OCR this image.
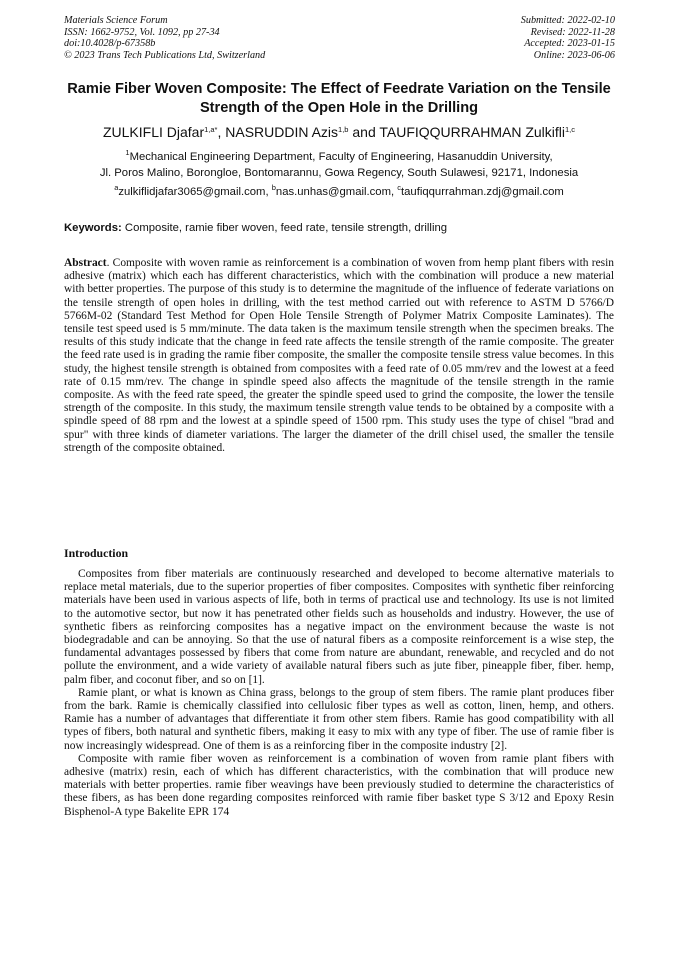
Materials Science Forum
ISSN: 1662-9752, Vol. 1092, pp 27-34
doi:10.4028/p-67358b
© 2023 Trans Tech Publications Ltd, Switzerland
Submitted: 2022-02-10
Revised: 2022-11-28
Accepted: 2023-01-15
Online: 2023-06-06
Ramie Fiber Woven Composite: The Effect of Feedrate Variation on the Tensile Strength of the Open Hole in the Drilling
ZULKIFLI Djafar$^{1,a*}$, NASRUDDIN Azis$^{1,b}$ and TAUFIQQURRAHMAN Zulkifli$^{1,c}$
$^1$Mechanical Engineering Department, Faculty of Engineering, Hasanuddin University,
Jl. Poros Malino, Borongloe, Bontomarannu, Gowa Regency, South Sulawesi, 92171, Indonesia
$^a$zulkiflidjafar3065@gmail.com, $^b$nas.unhas@gmail.com, $^c$taufiqqurrahman.zdj@gmail.com
Keywords: Composite, ramie fiber woven, feed rate, tensile strength, drilling

Abstract. Composite with woven ramie as reinforcement is a combination of woven from hemp plant fibers with resin adhesive (matrix) which each has different characteristics, which with the combination will produce a new material with better properties. The purpose of this study is to determine the magnitude of the influence of federate variations on the tensile strength of open holes in drilling, with the test method carried out with reference to ASTM D 5766/D 5766M-02 (Standard Test Method for Open Hole Tensile Strength of Polymer Matrix Composite Laminates). The tensile test speed used is 5 mm/minute. The data taken is the maximum tensile strength when the specimen breaks. The results of this study indicate that the change in feed rate affects the tensile strength of the ramie composite. The greater the feed rate used is in grading the ramie fiber composite, the smaller the composite tensile stress value becomes. In this study, the highest tensile strength is obtained from composites with a feed rate of 0.05 mm/rev and the lowest at a feed rate of 0.15 mm/rev. The change in spindle speed also affects the magnitude of the tensile strength in the ramie composite. As with the feed rate speed, the greater the spindle speed used to grind the composite, the lower the tensile strength of the composite. In this study, the maximum tensile strength value tends to be obtained by a composite with a spindle speed of 88 rpm and the lowest at a spindle speed of 1500 rpm. This study uses the type of chisel "brad and spur" with three kinds of diameter variations. The larger the diameter of the drill chisel used, the smaller the tensile strength of the composite obtained.

Introduction

Composites from fiber materials are continuously researched and developed to become alternative materials to replace metal materials, due to the superior properties of fiber composites. Composites with synthetic fiber reinforcing materials have been used in various aspects of life, both in terms of practical use and technology. Its use is not limited to the automotive sector, but now it has penetrated other fields such as households and industry. However, the use of synthetic fibers as reinforcing composites has a negative impact on the environment because the waste is not biodegradable and can be annoying. So that the use of natural fibers as a composite reinforcement is a wise step, the fundamental advantages possessed by fibers that come from nature are abundant, renewable, and recycled and do not pollute the environment, and a wide variety of available natural fibers such as jute fiber, pineapple fiber, fiber. hemp, palm fiber, and coconut fiber, and so on [1].

Ramie plant, or what is known as China grass, belongs to the group of stem fibers. The ramie plant produces fiber from the bark. Ramie is chemically classified into cellulosic fiber types as well as cotton, linen, hemp, and others. Ramie has a number of advantages that differentiate it from other stem fibers. Ramie has good compatibility with all types of fibers, both natural and synthetic fibers, making it easy to mix with any type of fiber. The use of ramie fiber is now increasingly widespread. One of them is as a reinforcing fiber in the composite industry [2].

Composite with ramie fiber woven as reinforcement is a combination of woven from ramie plant fibers with adhesive (matrix) resin, each of which has different characteristics, with the combination that will produce new materials with better properties. ramie fiber weavings have been previously studied to determine the characteristics of these fibers, as has been done regarding composites reinforced with ramie fiber basket type S 3/12 and Epoxy Resin Bisphenol-A type Bakelite EPR 174
